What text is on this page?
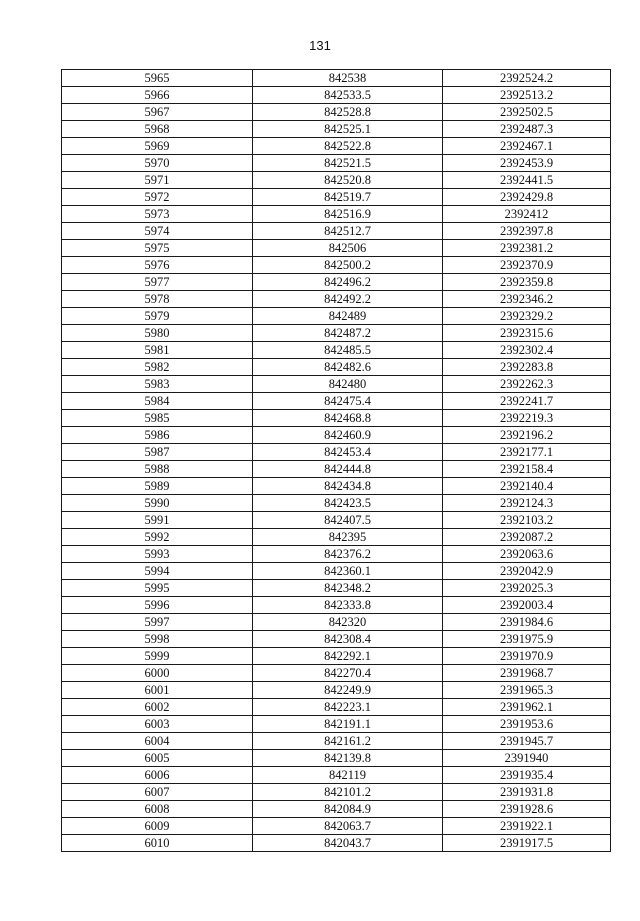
131
5965	842538	2392524.2
5966	842533.5	2392513.2
5967	842528.8	2392502.5
5968	842525.1	2392487.3
5969	842522.8	2392467.1
5970	842521.5	2392453.9
5971	842520.8	2392441.5
5972	842519.7	2392429.8
5973	842516.9	2392412
5974	842512.7	2392397.8
5975	842506	2392381.2
5976	842500.2	2392370.9
5977	842496.2	2392359.8
5978	842492.2	2392346.2
5979	842489	2392329.2
5980	842487.2	2392315.6
5981	842485.5	2392302.4
5982	842482.6	2392283.8
5983	842480	2392262.3
5984	842475.4	2392241.7
5985	842468.8	2392219.3
5986	842460.9	2392196.2
5987	842453.4	2392177.1
5988	842444.8	2392158.4
5989	842434.8	2392140.4
5990	842423.5	2392124.3
5991	842407.5	2392103.2
5992	842395	2392087.2
5993	842376.2	2392063.6
5994	842360.1	2392042.9
5995	842348.2	2392025.3
5996	842333.8	2392003.4
5997	842320	2391984.6
5998	842308.4	2391975.9
5999	842292.1	2391970.9
6000	842270.4	2391968.7
6001	842249.9	2391965.3
6002	842223.1	2391962.1
6003	842191.1	2391953.6
6004	842161.2	2391945.7
6005	842139.8	2391940
6006	842119	2391935.4
6007	842101.2	2391931.8
6008	842084.9	2391928.6
6009	842063.7	2391922.1
6010	842043.7	2391917.5
